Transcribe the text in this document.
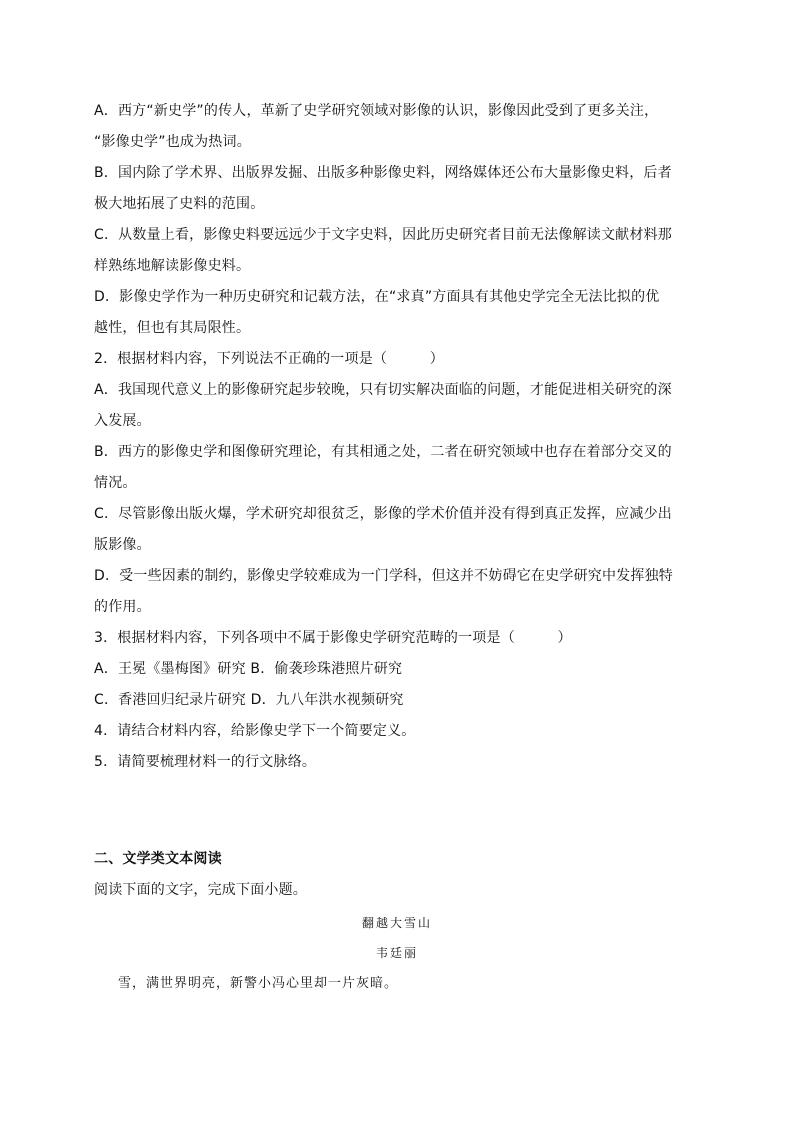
A．西方“新史学”的传人，革新了史学研究领域对影像的认识，影像因此受到了更多关注，
“影像史学”也成为热词。
B．国内除了学术界、出版界发掘、出版多种影像史料，网络媒体还公布大量影像史料，后者
极大地拓展了史料的范围。
C．从数量上看，影像史料要远远少于文字史料，因此历史研究者目前无法像解读文献材料那
样熟练地解读影像史料。
D．影像史学作为一种历史研究和记载方法，在“求真”方面具有其他史学完全无法比拟的优
越性，但也有其局限性。
2．根据材料内容，下列说法不正确的一项是（　　　）
A．我国现代意义上的影像研究起步较晚，只有切实解决面临的问题，才能促进相关研究的深
入发展。
B．西方的影像史学和图像研究理论，有其相通之处，二者在研究领域中也存在着部分交叉的
情况。
C．尽管影像出版火爆，学术研究却很贫乏，影像的学术价值并没有得到真正发挥，应减少出
版影像。
D．受一些因素的制约，影像史学较难成为一门学科，但这并不妨碍它在史学研究中发挥独特
的作用。
3．根据材料内容，下列各项中不属于影像史学研究范畴的一项是（　　　）
A．王冕《墨梅图》研究 B．偷袭珍珠港照片研究
C．香港回归纪录片研究 D．九八年洪水视频研究
4．请结合材料内容，给影像史学下一个简要定义。
5．请简要梳理材料一的行文脉络。
二、文学类文本阅读
阅读下面的文字，完成下面小题。
翻越大雪山
韦廷丽
雪，满世界明亮，新警小冯心里却一片灰暗。
